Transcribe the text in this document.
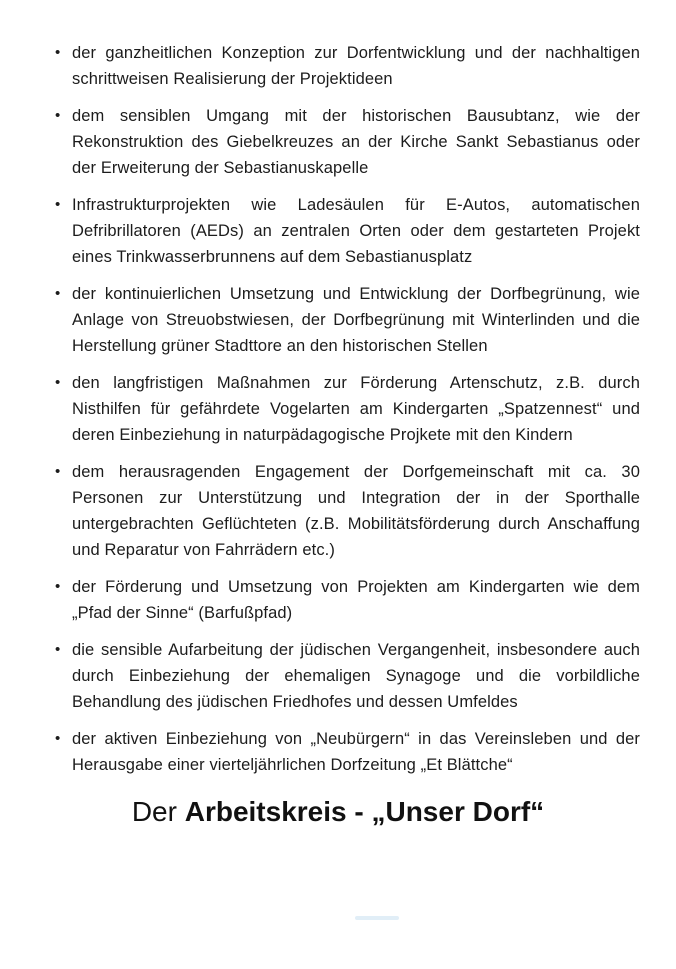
• der ganzheitlichen Konzeption zur Dorfentwicklung und der nachhaltigen schrittweisen Realisierung der Projektideen
• dem sensiblen Umgang mit der historischen Bausubtanz, wie der Rekonstruktion des Giebelkreuzes an der Kirche Sankt Sebastianus oder der Erweiterung der Sebastianuskapelle
• Infrastrukturprojekten wie Ladesäulen für E-Autos, automatischen Defribrillatoren (AEDs) an zentralen Orten oder dem gestarteten Projekt eines Trinkwasserbrunnens auf dem Sebastianusplatz
• der kontinuierlichen Umsetzung und Entwicklung der Dorfbegrünung, wie Anlage von Streuobstwiesen, der Dorfbegrünung mit Winterlinden und die Herstellung grüner Stadttore an den historischen Stellen
• den langfristigen Maßnahmen zur Förderung Artenschutz, z.B. durch Nisthilfen für gefährdete Vogelarten am Kindergarten „Spatzennest“ und deren Einbeziehung in naturpädagogische Projkete mit den Kindern
• dem herausragenden Engagement der Dorfgemeinschaft mit ca. 30 Personen zur Unterstützung und Integration der in der Sporthalle untergebrachten Geflüchteten (z.B. Mobilitätsförderung durch Anschaffung und Reparatur von Fahrrädern etc.)
• der Förderung und Umsetzung von Projekten am Kindergarten wie dem „Pfad der Sinne“ (Barfußpfad)
• die sensible Aufarbeitung der jüdischen Vergangenheit, insbesondere auch durch Einbeziehung der ehemaligen Synagoge und die vorbildliche Behandlung des jüdischen Friedhofes und dessen Umfeldes
• der aktiven Einbeziehung von „Neubürgern“ in das Vereinsleben und der Herausgabe einer vierteljährlichen Dorfzeitung „Et Blättche“
Der Arbeitskreis - „Unser Dorf“
